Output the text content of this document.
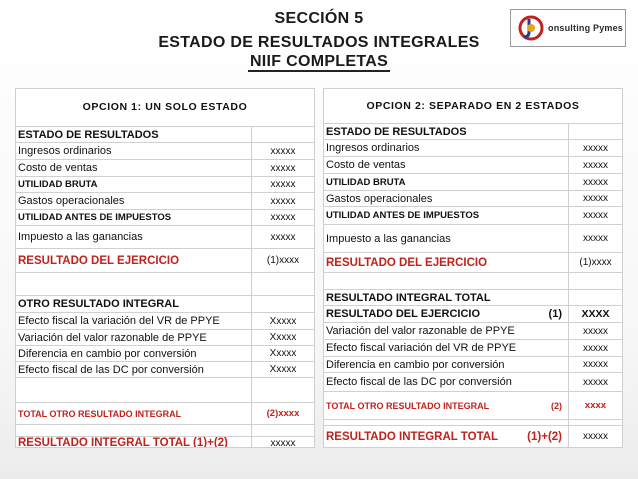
SECCIÓN 5
ESTADO DE RESULTADOS INTEGRALES
NIIF COMPLETAS
onsulting Pymes
OPCION 1: UN SOLO ESTADO
ESTADO DE RESULTADOS
Ingresos ordinarios	xxxxx
Costo de ventas	xxxxx
UTILIDAD BRUTA	xxxxx
Gastos operacionales	xxxxx
UTILIDAD ANTES DE IMPUESTOS	xxxxx
Impuesto a las ganancias	xxxxx
RESULTADO DEL EJERCICIO	(1)xxxx
OTRO RESULTADO INTEGRAL
Efecto fiscal la variación del VR de PPYE	Xxxxx
Variación del valor razonable de PPYE	Xxxxx
Diferencia en cambio por conversión	Xxxxx
Efecto fiscal de las DC por conversión	Xxxxx
TOTAL OTRO RESULTADO INTEGRAL	(2)xxxx
RESULTADO INTEGRAL TOTAL (1)+(2)	xxxxx
OPCION 2: SEPARADO EN 2 ESTADOS
ESTADO DE RESULTADOS
Ingresos ordinarios	xxxxx
Costo de ventas	xxxxx
UTILIDAD BRUTA	xxxxx
Gastos operacionales	xxxxx
UTILIDAD ANTES DE IMPUESTOS	xxxxx
Impuesto a las ganancias	xxxxx
RESULTADO DEL EJERCICIO	(1)xxxx
RESULTADO INTEGRAL TOTAL
RESULTADO DEL EJERCICIO	(1)	XXXX
Variación del valor razonable de PPYE	xxxxx
Efecto fiscal variación del VR de PPYE	xxxxx
Diferencia en cambio por conversión	xxxxx
Efecto fiscal de las DC por conversión	xxxxx
TOTAL OTRO RESULTADO INTEGRAL	(2)	xxxx
RESULTADO INTEGRAL TOTAL	(1)+(2)	xxxxx
